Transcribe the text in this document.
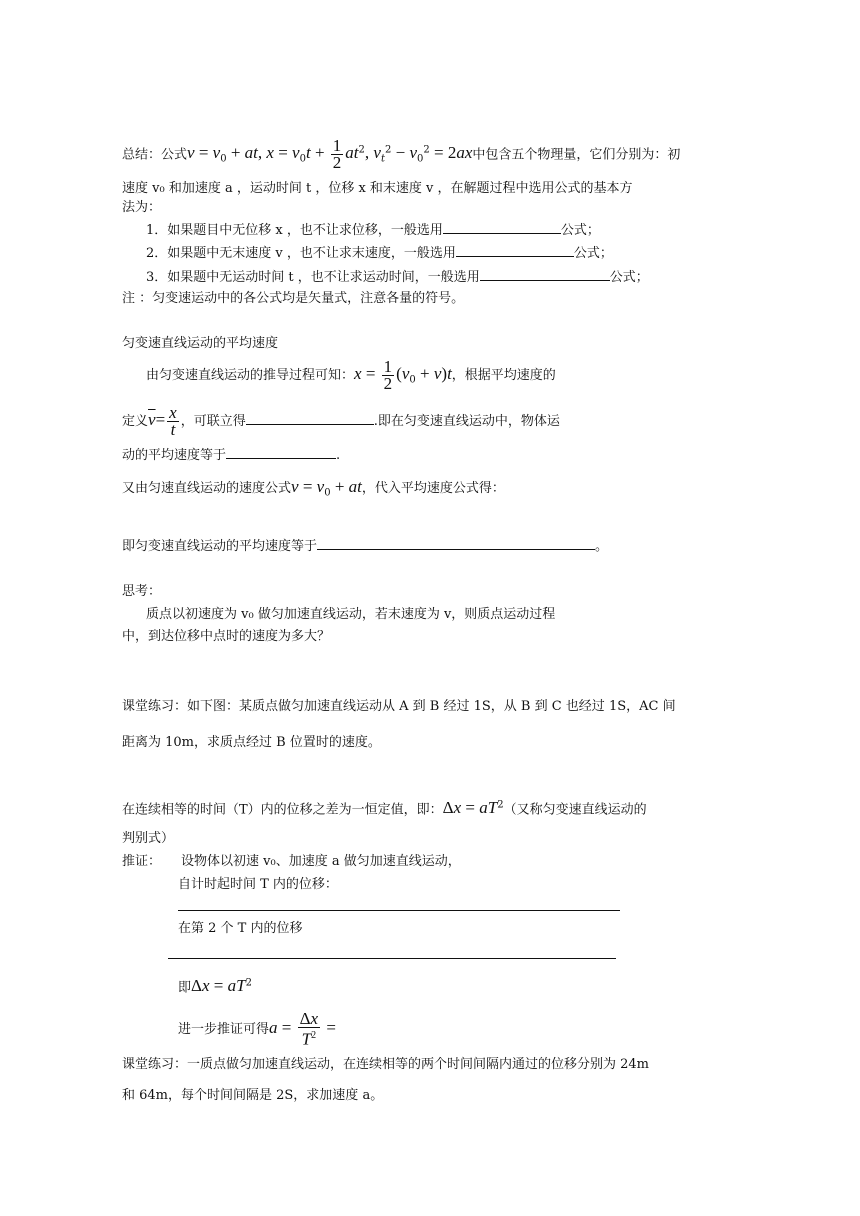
总结：公式$v = v_0$ + at, $x = v_0t + \frac{1}{2} at^2$, $v_t^2 - v_0^2 = 2ax$中包含五个物理量，它们分别为：初
速度 v₀ 和加速度 a ，运动时间 t ，位移 x 和末速度 v ，在解题过程中选用公式的基本方
法为：
1．如果题目中无位移 x ，也不让求位移，一般选用	公式；
2．如果题中无末速度 v ，也不让求末速度，一般选用	公式；
3．如果题中无运动时间 t ，也不让求运动时间，一般选用	公式；
注 ：匀变速运动中的各公式均是矢量式，注意各量的符号。
匀变速直线运动的平均速度
由匀变速直线运动的推导过程可知：$x = \frac{1}{2} (v_0 + v)t$，根据平均速度的
定义$\overline{v}= \frac{x}{t}$ ，可联立得	.即在匀变速直线运动中，物体运
动的平均速度等于	.
又由匀速直线运动的速度公式$v = v_0$ + at，代入平均速度公式得：
即匀变速直线运动的平均速度等于	。
思考：
质点以初速度为 v₀ 做匀加速直线运动，若末速度为 v，则质点运动过程
中，到达位移中点时的速度为多大？
课堂练习：如下图：某质点做匀加速直线运动从 A 到 B 经过 1S，从 B 到 C 也经过 1S，AC 间
距离为 10m，求质点经过 B 位置时的速度。
在连续相等的时间（T）内的位移之差为一恒定值，即：$\Delta x = aT^2$（又称匀变速直线运动的
判别式）
推证： 设物体以初速 v₀、加速度 a 做匀加速直线运动，
自计时起时间 T 内的位移：
在第 2 个 T 内的位移
即$\Delta x = aT^2$
进一步推证可得$a = \frac{\Delta x}{T^2}$ =
课堂练习：一质点做匀加速直线运动，在连续相等的两个时间间隔内通过的位移分别为 24m
和 64m，每个时间间隔是 2S，求加速度 a。
